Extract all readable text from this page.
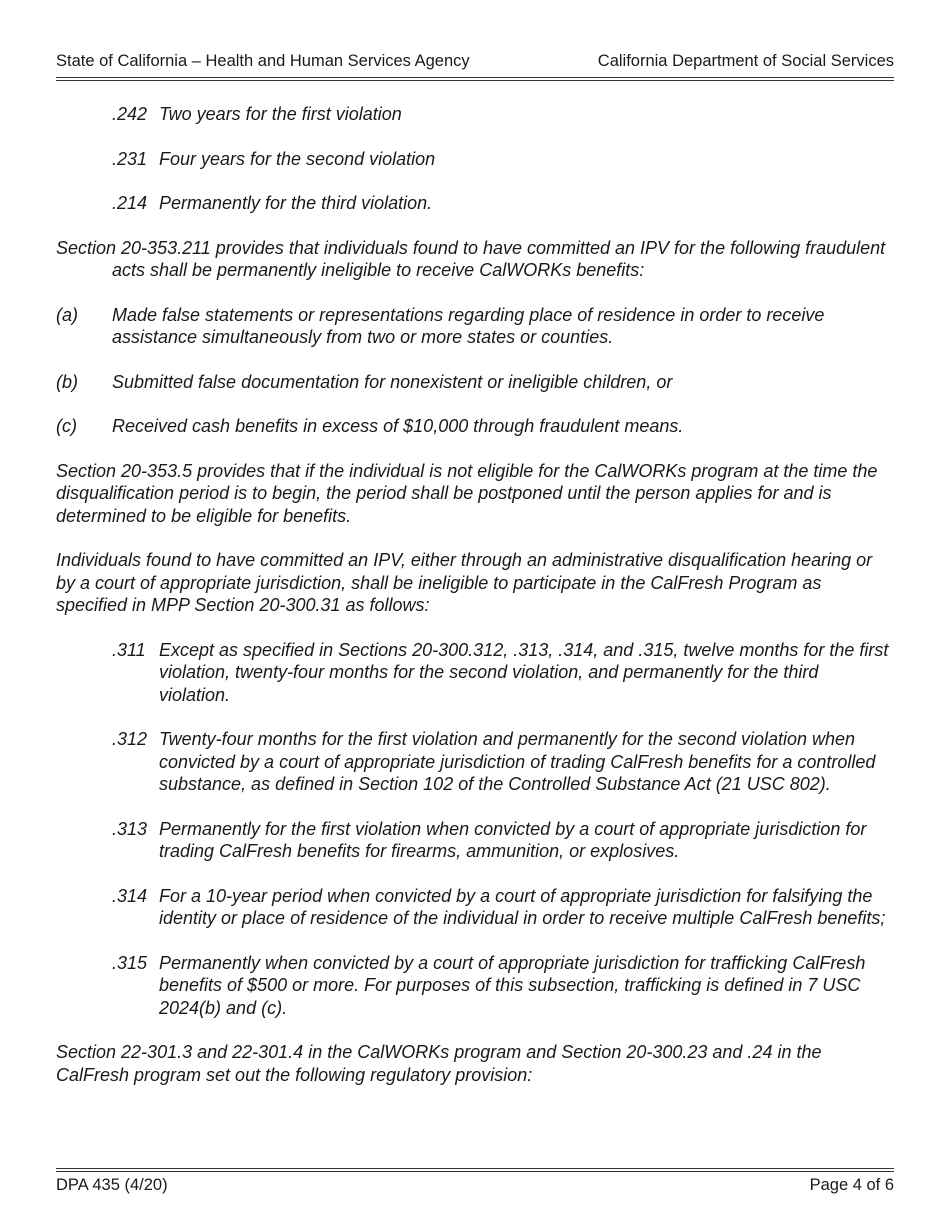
State of California – Health and Human Services Agency	California Department of Social Services
.242 Two years for the first violation
.231 Four years for the second violation
.214 Permanently for the third violation.

Section 20-353.211 provides that individuals found to have committed an IPV for the following fraudulent acts shall be permanently ineligible to receive CalWORKs benefits:

(a)	Made false statements or representations regarding place of residence in order to receive assistance simultaneously from two or more states or counties.
(b)	Submitted false documentation for nonexistent or ineligible children, or
(c)	Received cash benefits in excess of $10,000 through fraudulent means.

Section 20-353.5 provides that if the individual is not eligible for the CalWORKs program at the time the disqualification period is to begin, the period shall be postponed until the person applies for and is determined to be eligible for benefits.

Individuals found to have committed an IPV, either through an administrative disqualification hearing or by a court of appropriate jurisdiction, shall be ineligible to participate in the CalFresh Program as specified in MPP Section 20-300.31 as follows:

.311 Except as specified in Sections 20-300.312, .313, .314, and .315, twelve months for the first violation, twenty-four months for the second violation, and permanently for the third violation.
.312 Twenty-four months for the first violation and permanently for the second violation when convicted by a court of appropriate jurisdiction of trading CalFresh benefits for a controlled substance, as defined in Section 102 of the Controlled Substance Act (21 USC 802).
.313 Permanently for the first violation when convicted by a court of appropriate jurisdiction for trading CalFresh benefits for firearms, ammunition, or explosives.
.314 For a 10-year period when convicted by a court of appropriate jurisdiction for falsifying the identity or place of residence of the individual in order to receive multiple CalFresh benefits;
.315 Permanently when convicted by a court of appropriate jurisdiction for trafficking CalFresh benefits of $500 or more. For purposes of this subsection, trafficking is defined in 7 USC 2024(b) and (c).

Section 22-301.3 and 22-301.4 in the CalWORKs program and Section 20-300.23 and .24 in the CalFresh program set out the following regulatory provision:

DPA 435 (4/20)	Page 4 of 6
